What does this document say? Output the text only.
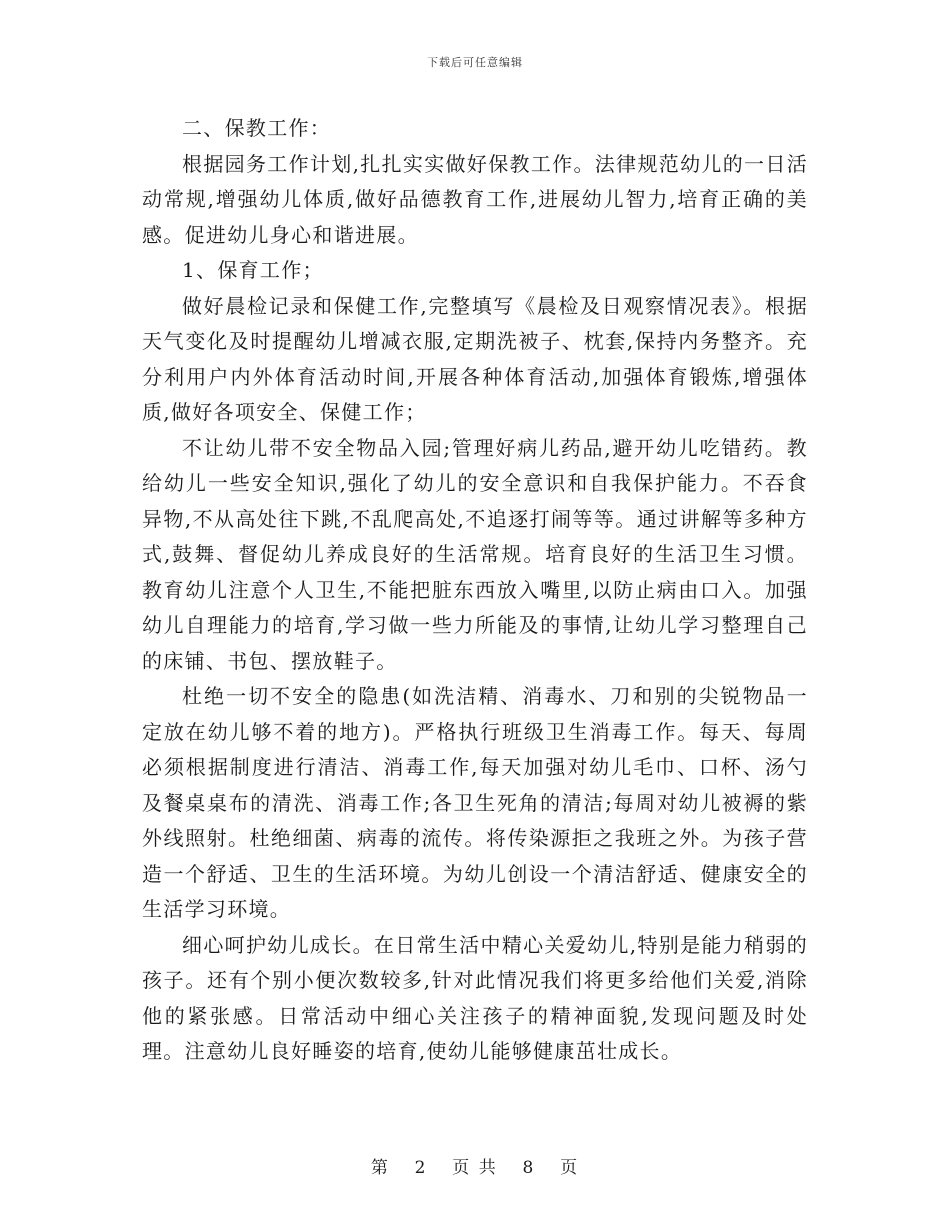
下载后可任意编辑

二、保教工作：

根据园务工作计划,扎扎实实做好保教工作。法律规范幼儿的一日活动常规,增强幼儿体质,做好品德教育工作,进展幼儿智力,培育正确的美感。促进幼儿身心和谐进展。

1、保育工作；

做好晨检记录和保健工作,完整填写《晨检及日观察情况表》。根据天气变化及时提醒幼儿增减衣服,定期洗被子、枕套,保持内务整齐。充分利用户内外体育活动时间,开展各种体育活动,加强体育锻炼,增强体质,做好各项安全、保健工作；

不让幼儿带不安全物品入园;管理好病儿药品,避开幼儿吃错药。教给幼儿一些安全知识,强化了幼儿的安全意识和自我保护能力。不吞食异物,不从高处往下跳,不乱爬高处,不追逐打闹等等。通过讲解等多种方式,鼓舞、督促幼儿养成良好的生活常规。培育良好的生活卫生习惯。教育幼儿注意个人卫生,不能把脏东西放入嘴里,以防止病由口入。加强幼儿自理能力的培育,学习做一些力所能及的事情,让幼儿学习整理自己的床铺、书包、摆放鞋子。

杜绝一切不安全的隐患(如洗洁精、消毒水、刀和别的尖锐物品一定放在幼儿够不着的地方)。严格执行班级卫生消毒工作。每天、每周必须根据制度进行清洁、消毒工作,每天加强对幼儿毛巾、口杯、汤勺及餐桌桌布的清洗、消毒工作;各卫生死角的清洁;每周对幼儿被褥的紫外线照射。杜绝细菌、病毒的流传。将传染源拒之我班之外。为孩子营造一个舒适、卫生的生活环境。为幼儿创设一个清洁舒适、健康安全的生活学习环境。

细心呵护幼儿成长。在日常生活中精心关爱幼儿,特别是能力稍弱的孩子。还有个别小便次数较多,针对此情况我们将更多给他们关爱,消除他的紧张感。日常活动中细心关注孩子的精神面貌,发现问题及时处理。注意幼儿良好睡姿的培育,使幼儿能够健康茁壮成长。

第 2 页 共 8 页
